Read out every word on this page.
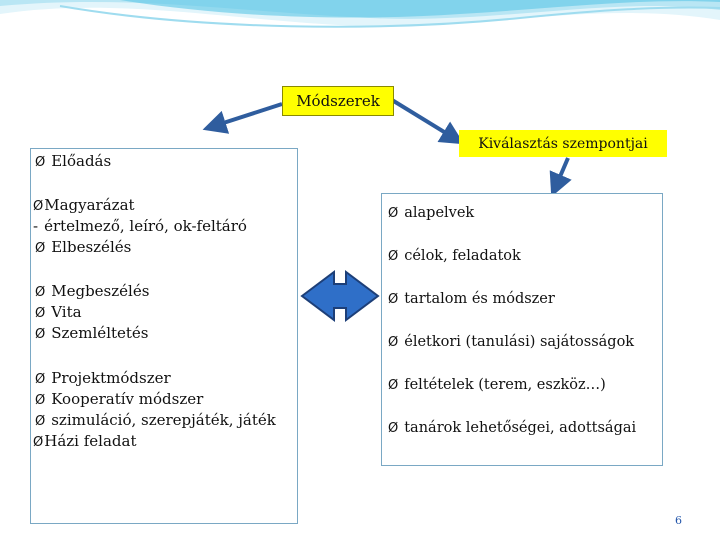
Módszerek
Kiválasztás szempontjai
Ø Előadás
ØMagyarázat
- értelmező, leíró, ok-feltáró
Ø Elbeszélés
Ø Megbeszélés
Ø Vita
Ø Szemléltetés
Ø Projektmódszer
Ø Kooperatív módszer
Ø szimuláció, szerepjáték, játék
ØHázi feladat
Ø alapelvek
Ø célok, feladatok
Ø tartalom és módszer
Ø életkori (tanulási) sajátosságok
Ø feltételek (terem, eszköz…)
Ø tanárok lehetőségei, adottságai
6
